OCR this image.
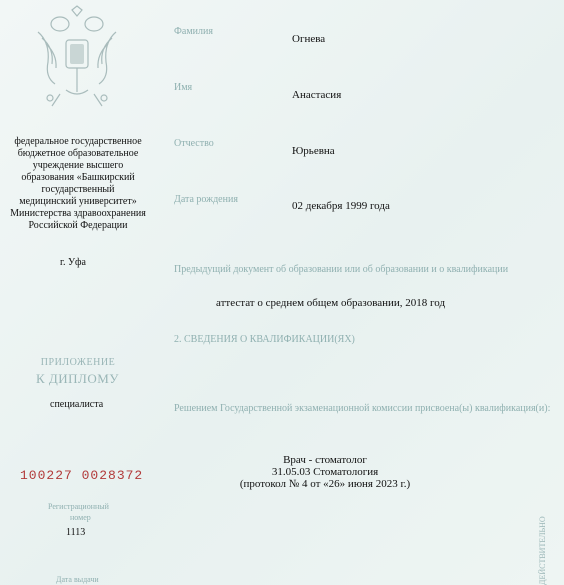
федеральное государственное
бюджетное образовательное
учреждение высшего
образования «Башкирский
государственный
медицинский университет»
Министерства здравоохранения
Российской Федерации
г. Уфа
ПРИЛОЖЕНИЕ
К ДИПЛОМУ
специалиста
100227 0028372
Регистрационный
номер
1113
Дата выдачи
Фамилия
Огнева
Имя
Анастасия
Отчество
Юрьевна
Дата рождения
02 декабря 1999 года
Предыдущий документ об образовании или об образовании и о квалификации
аттестат о среднем общем образовании, 2018 год
2. СВЕДЕНИЯ О КВАЛИФИКАЦИИ(ЯХ)
Решением Государственной экзаменационной комиссии присвоена(ы) квалификация(и):
Врач - стоматолог
31.05.03 Стоматология
(протокол № 4 от «26» июня 2023 г.)
ДЕЙСТВИТЕЛЬНО
